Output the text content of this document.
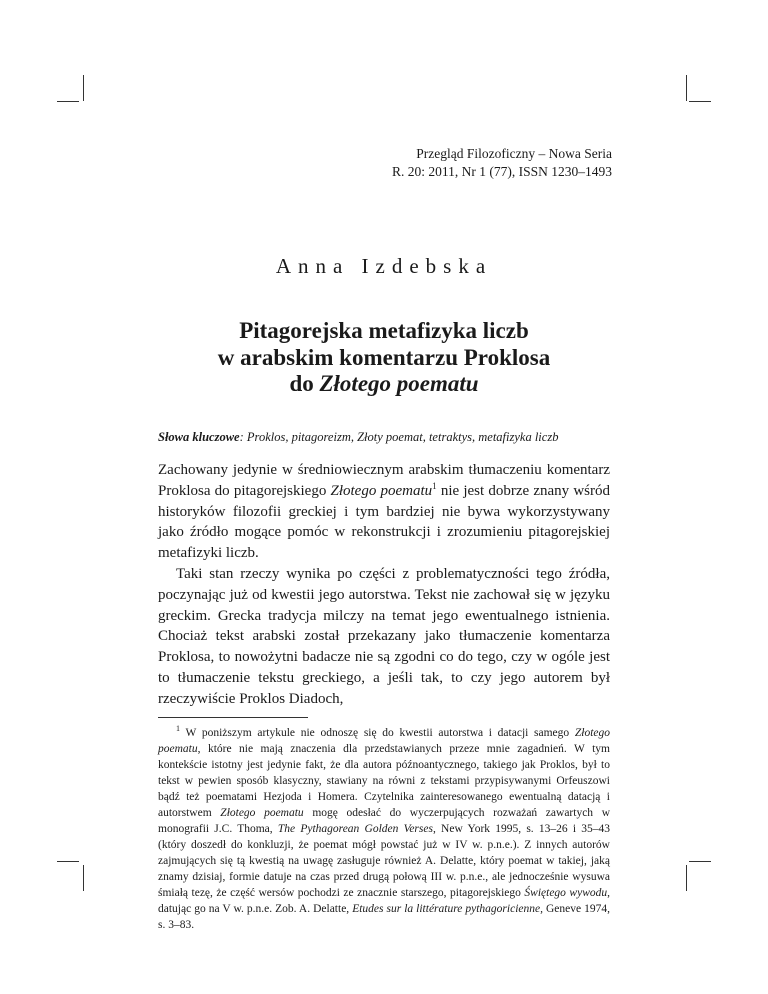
Przegląd Filozoficzny – Nowa Seria
R. 20: 2011, Nr 1 (77), ISSN 1230–1493
Anna Izdebska
Pitagorejska metafizyka liczb
w arabskim komentarzu Proklosa
do Złotego poematu
Słowa kluczowe: Proklos, pitagoreizm, Złoty poemat, tetraktys, metafizyka liczb

Zachowany jedynie w średniowiecznym arabskim tłumaczeniu komentarz Proklosa do pitagorejskiego Złotego poematu$^1$ nie jest dobrze znany wśród historyków filozofii greckiej i tym bardziej nie bywa wykorzystywany jako źródło mogące pomóc w rekonstrukcji i zrozumieniu pitagorejskiej metafizyki liczb.

Taki stan rzeczy wynika po części z problematyczności tego źródła, poczynając już od kwestii jego autorstwa. Tekst nie zachował się w języku greckim. Grecka tradycja milczy na temat jego ewentualnego istnienia. Chociaż tekst arabski został przekazany jako tłumaczenie komentarza Proklosa, to nowożytni badacze nie są zgodni co do tego, czy w ogóle jest to tłumaczenie tekstu greckiego, a jeśli tak, to czy jego autorem był rzeczywiście Proklos Diadoch,

$^1$ W poniższym artykule nie odnoszę się do kwestii autorstwa i datacji samego Złotego poematu, które nie mają znaczenia dla przedstawianych przeze mnie zagadnień. W tym kontekście istotny jest jedynie fakt, że dla autora późnoantycznego, takiego jak Proklos, był to tekst w pewien sposób klasyczny, stawiany na równi z tekstami przypisywanymi Orfeuszowi bądź też poematami Hezjoda i Homera. Czytelnika zainteresowanego ewentualną datacją i autorstwem Złotego poematu mogę odesłać do wyczerpujących rozważań zawartych w monografii J.C. Thoma, The Pythagorean Golden Verses, New York 1995, s. 13–26 i 35–43 (który doszedł do konkluzji, że poemat mógł powstać już w IV w. p.n.e.). Z innych autorów zajmujących się tą kwestią na uwagę zasługuje również A. Delatte, który poemat w takiej, jaką znamy dzisiaj, formie datuje na czas przed drugą połową III w. p.n.e., ale jednocześnie wysuwa śmiałą tezę, że część wersów pochodzi ze znacznie starszego, pitagorejskiego Świętego wywodu, datując go na V w. p.n.e. Zob. A. Delatte, Etudes sur la littérature pythagoricienne, Geneve 1974, s. 3–83.
